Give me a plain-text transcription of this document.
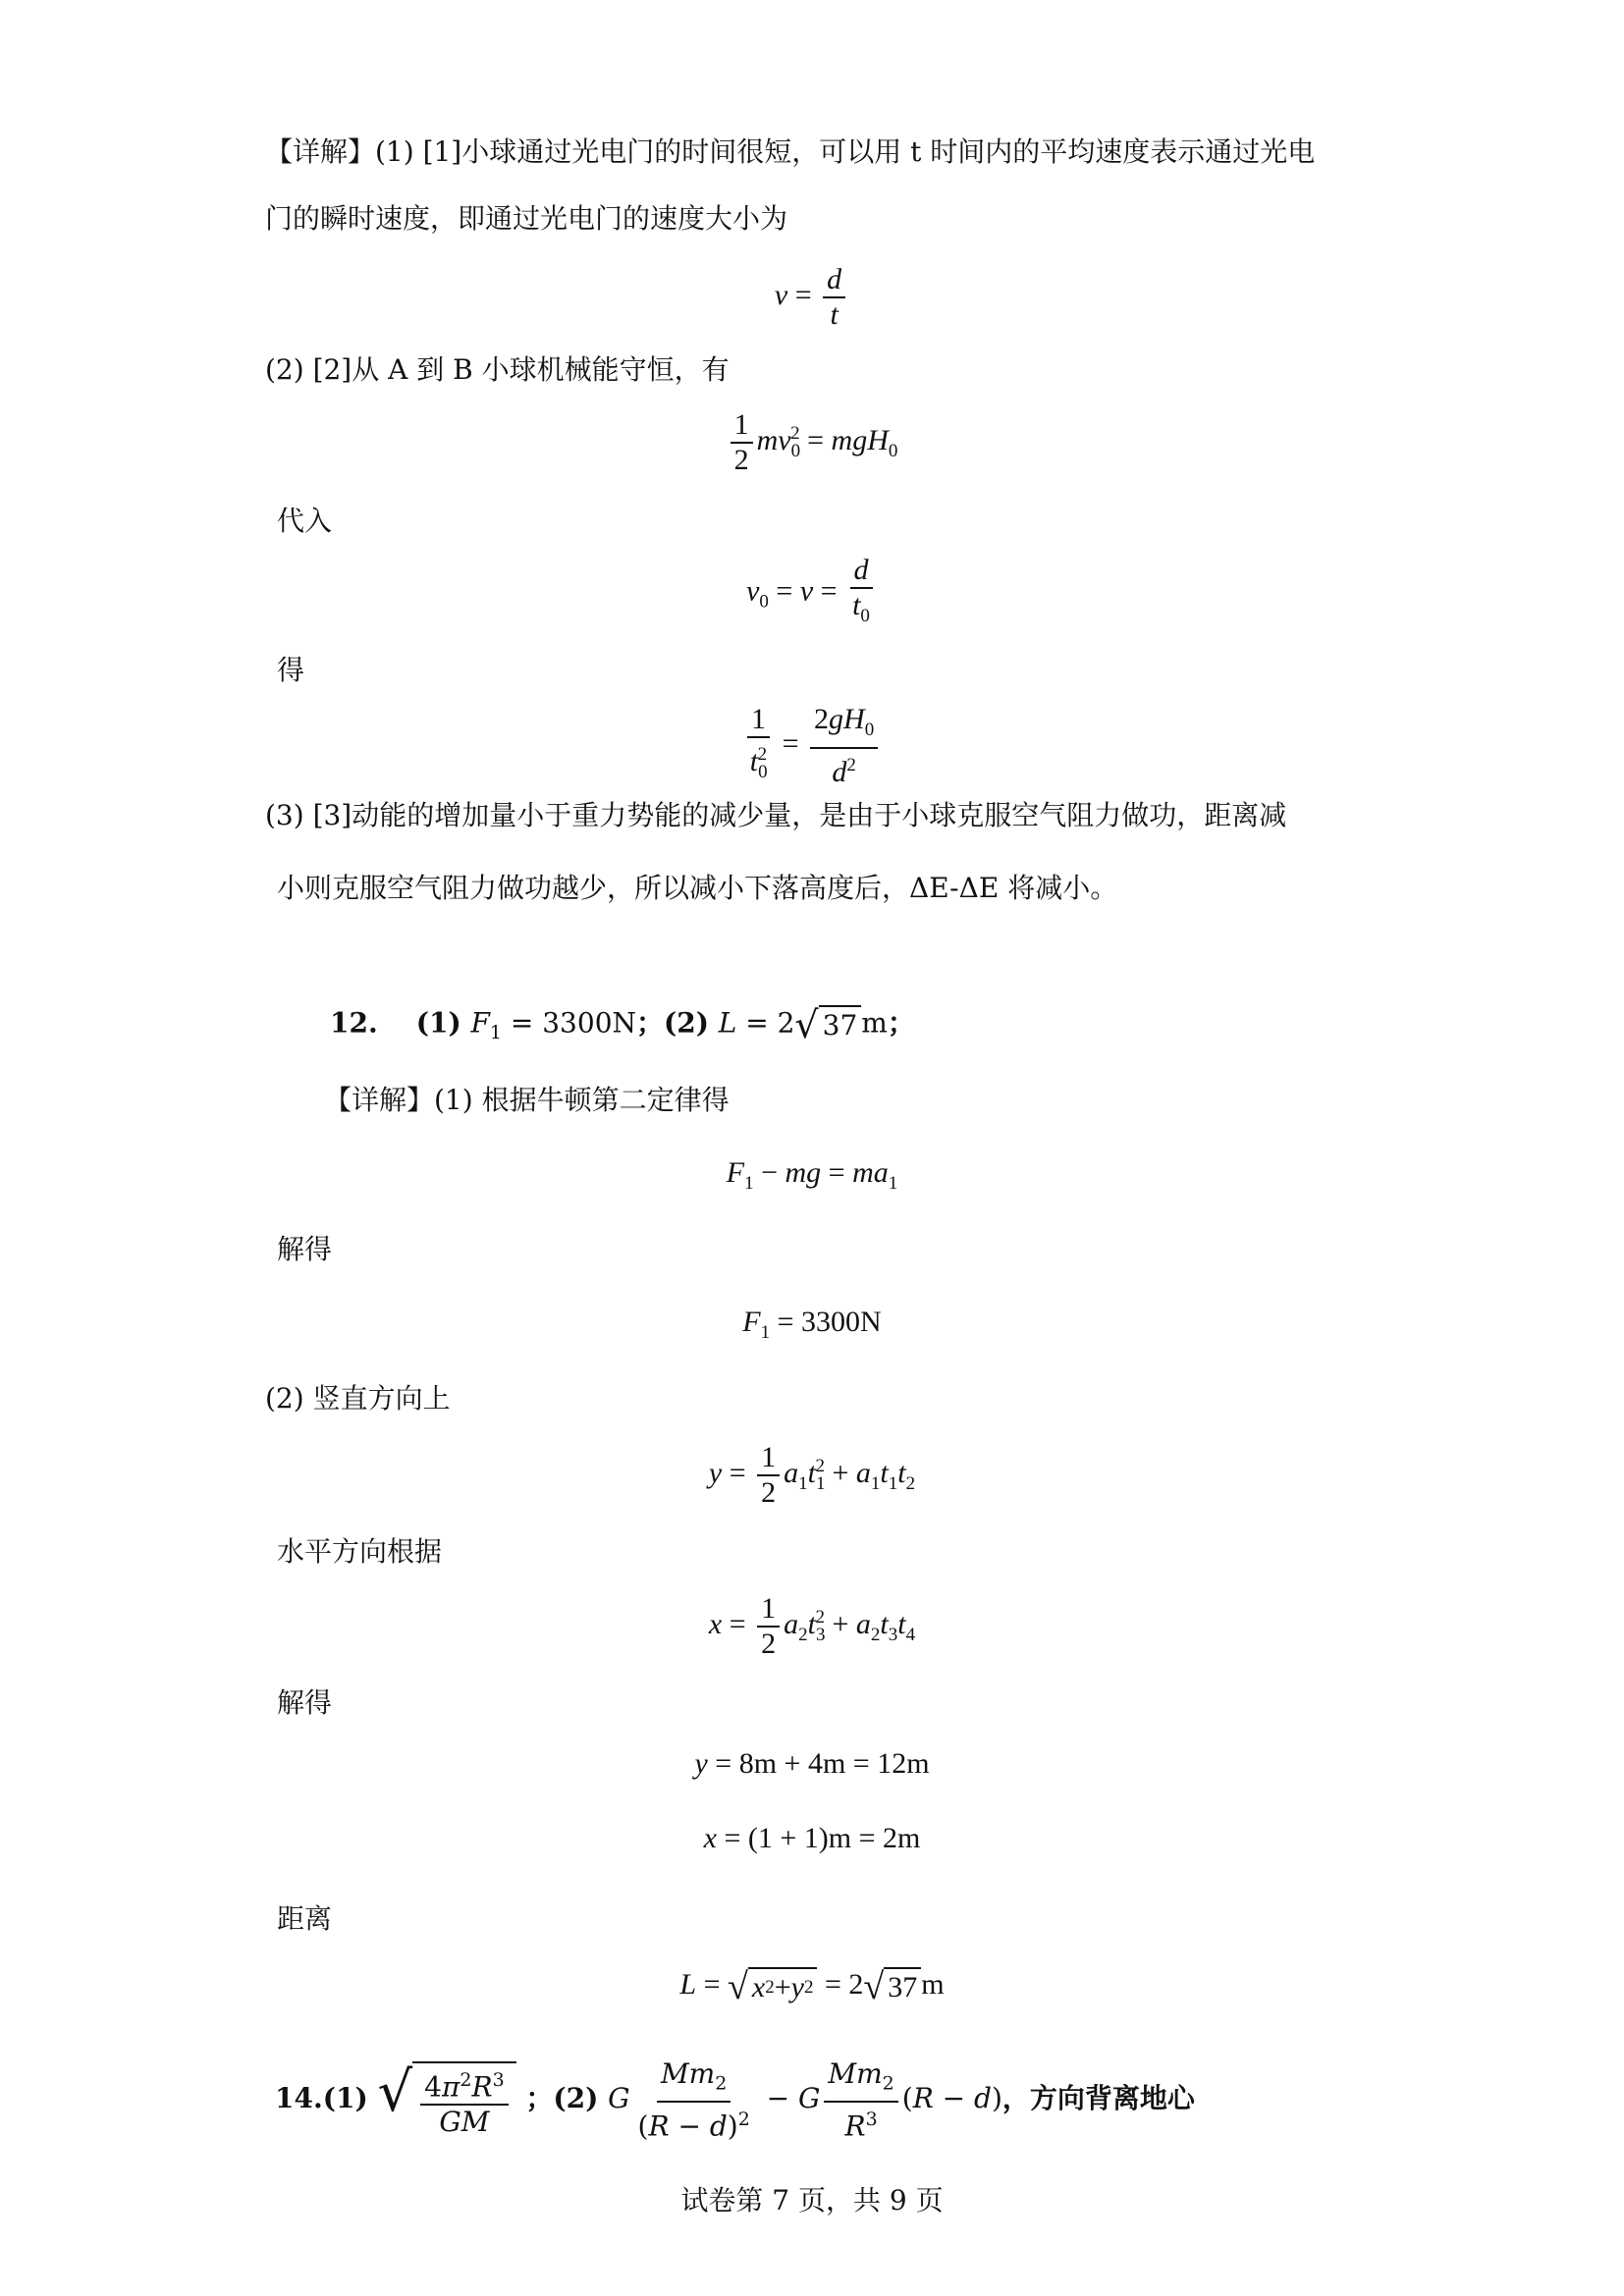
【详解】(1) [1]小球通过光电门的时间很短，可以用 t 时间内的平均速度表示通过光电
门的瞬时速度，即通过光电门的速度大小为
$v = \frac{d}{t}$
(2) [2]从 A 到 B 小球机械能守恒，有
$\frac{1}{2} mv_0^2 = mgH_0$
代入
$v_0 = v = \frac{d}{t_0}$
得
$\frac{1}{t_0^2} = \frac{2gH_0}{d^2}$
(3) [3]动能的增加量小于重力势能的减少量，是由于小球克服空气阻力做功，距离减
小则克服空气阻力做功越少，所以减小下落高度后，ΔE-ΔE 将减小。
12. (1) $F_1 = 3300N$；(2) L = 2 √ 37 m；
【详解】(1) 根据牛顿第二定律得
$F_1$ − mg = $ma_1$
解得
$F_1 = 3300N$
(2) 竖直方向上
$y = \frac{1}{2} a_1t_1^2 + a_1t_1t_2$
水平方向根据
$x = \frac{1}{2} a_2t_3^2 + a_2t_3t_4$
解得
y = 8m + 4m = 12m
x = (1 + 1)m = 2m
距离
L = √ x 2 + y 2 = 2 √ 37 m
14.(1) √ $\frac{4\pi^2R^3}{GM}$ ；(2) G $\frac{Mm_2}{(R - d)^2} - G \frac{Mm_2}{R^3} (R - d)$，方向背离地心
试卷第 7 页，共 9 页
